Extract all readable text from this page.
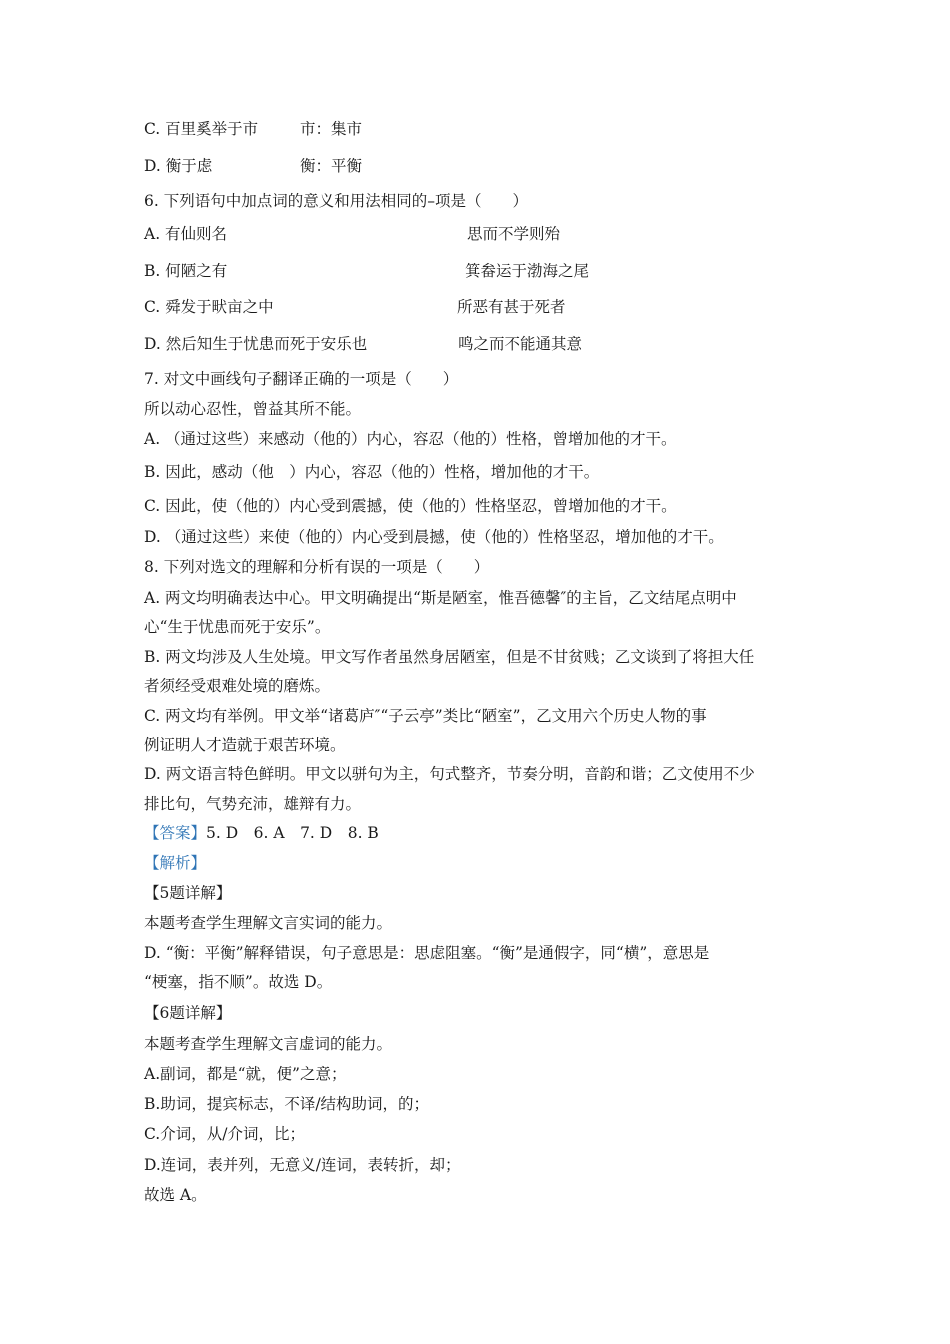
C. 百里奚举于市	市：集市
D. 衡于虑	衡：平衡
6. 下列语句中加点词的意义和用法相同的–项是（　　）
A. 有仙则名	思而不学则殆
B. 何陋之有	箕畚运于渤海之尾
C. 舜发于畎亩之中	所恶有甚于死者
D. 然后知生于忧患而死于安乐也	鸣之而不能通其意
7. 对文中画线句子翻译正确的一项是（　　）
所以动心忍性，曾益其所不能。
A. （通过这些）来感动（他的）内心，容忍（他的）性格，曾增加他的才干。
B. 因此，感动（他　）内心，容忍（他的）性格，增加他的才干。
C. 因此，使（他的）内心受到震撼，使（他的）性格坚忍，曾增加他的才干。
D. （通过这些）来使（他的）内心受到晨撼，使（他的）性格坚忍，增加他的才干。
8. 下列对选文的理解和分析有误的一项是（　　）
A. 两文均明确表达中心。甲文明确提出“斯是陋室，惟吾德馨″的主旨，乙文结尾点明中
心“生于忧患而死于安乐”。
B. 两文均涉及人生处境。甲文写作者虽然身居陋室，但是不甘贫贱；乙文谈到了将担大任
者须经受艰难处境的磨炼。
C. 两文均有举例。甲文举“诸葛庐″“子云亭”类比“陋室”，乙文用六个历史人物的事
例证明人才造就于艰苦环境。
D. 两文语言特色鲜明。甲文以骈句为主，句式整齐，节奏分明，音韵和谐；乙文使用不少
排比句，气势充沛，雄辩有力。
【答案】5. D　6. A　7. D　8. B
【解析】
【5题详解】
本题考查学生理解文言实词的能力。
D. “衡：平衡”解释错误，句子意思是：思虑阻塞。“衡”是通假字，同“横”，意思是
“梗塞，指不顺”。故选 D。
【6题详解】
本题考查学生理解文言虚词的能力。
A.副词，都是“就，便”之意；
B.助词，提宾标志，不译/结构助词，的；
C.介词，从/介词，比；
D.连词，表并列，无意义/连词，表转折，却；
故选 A。
